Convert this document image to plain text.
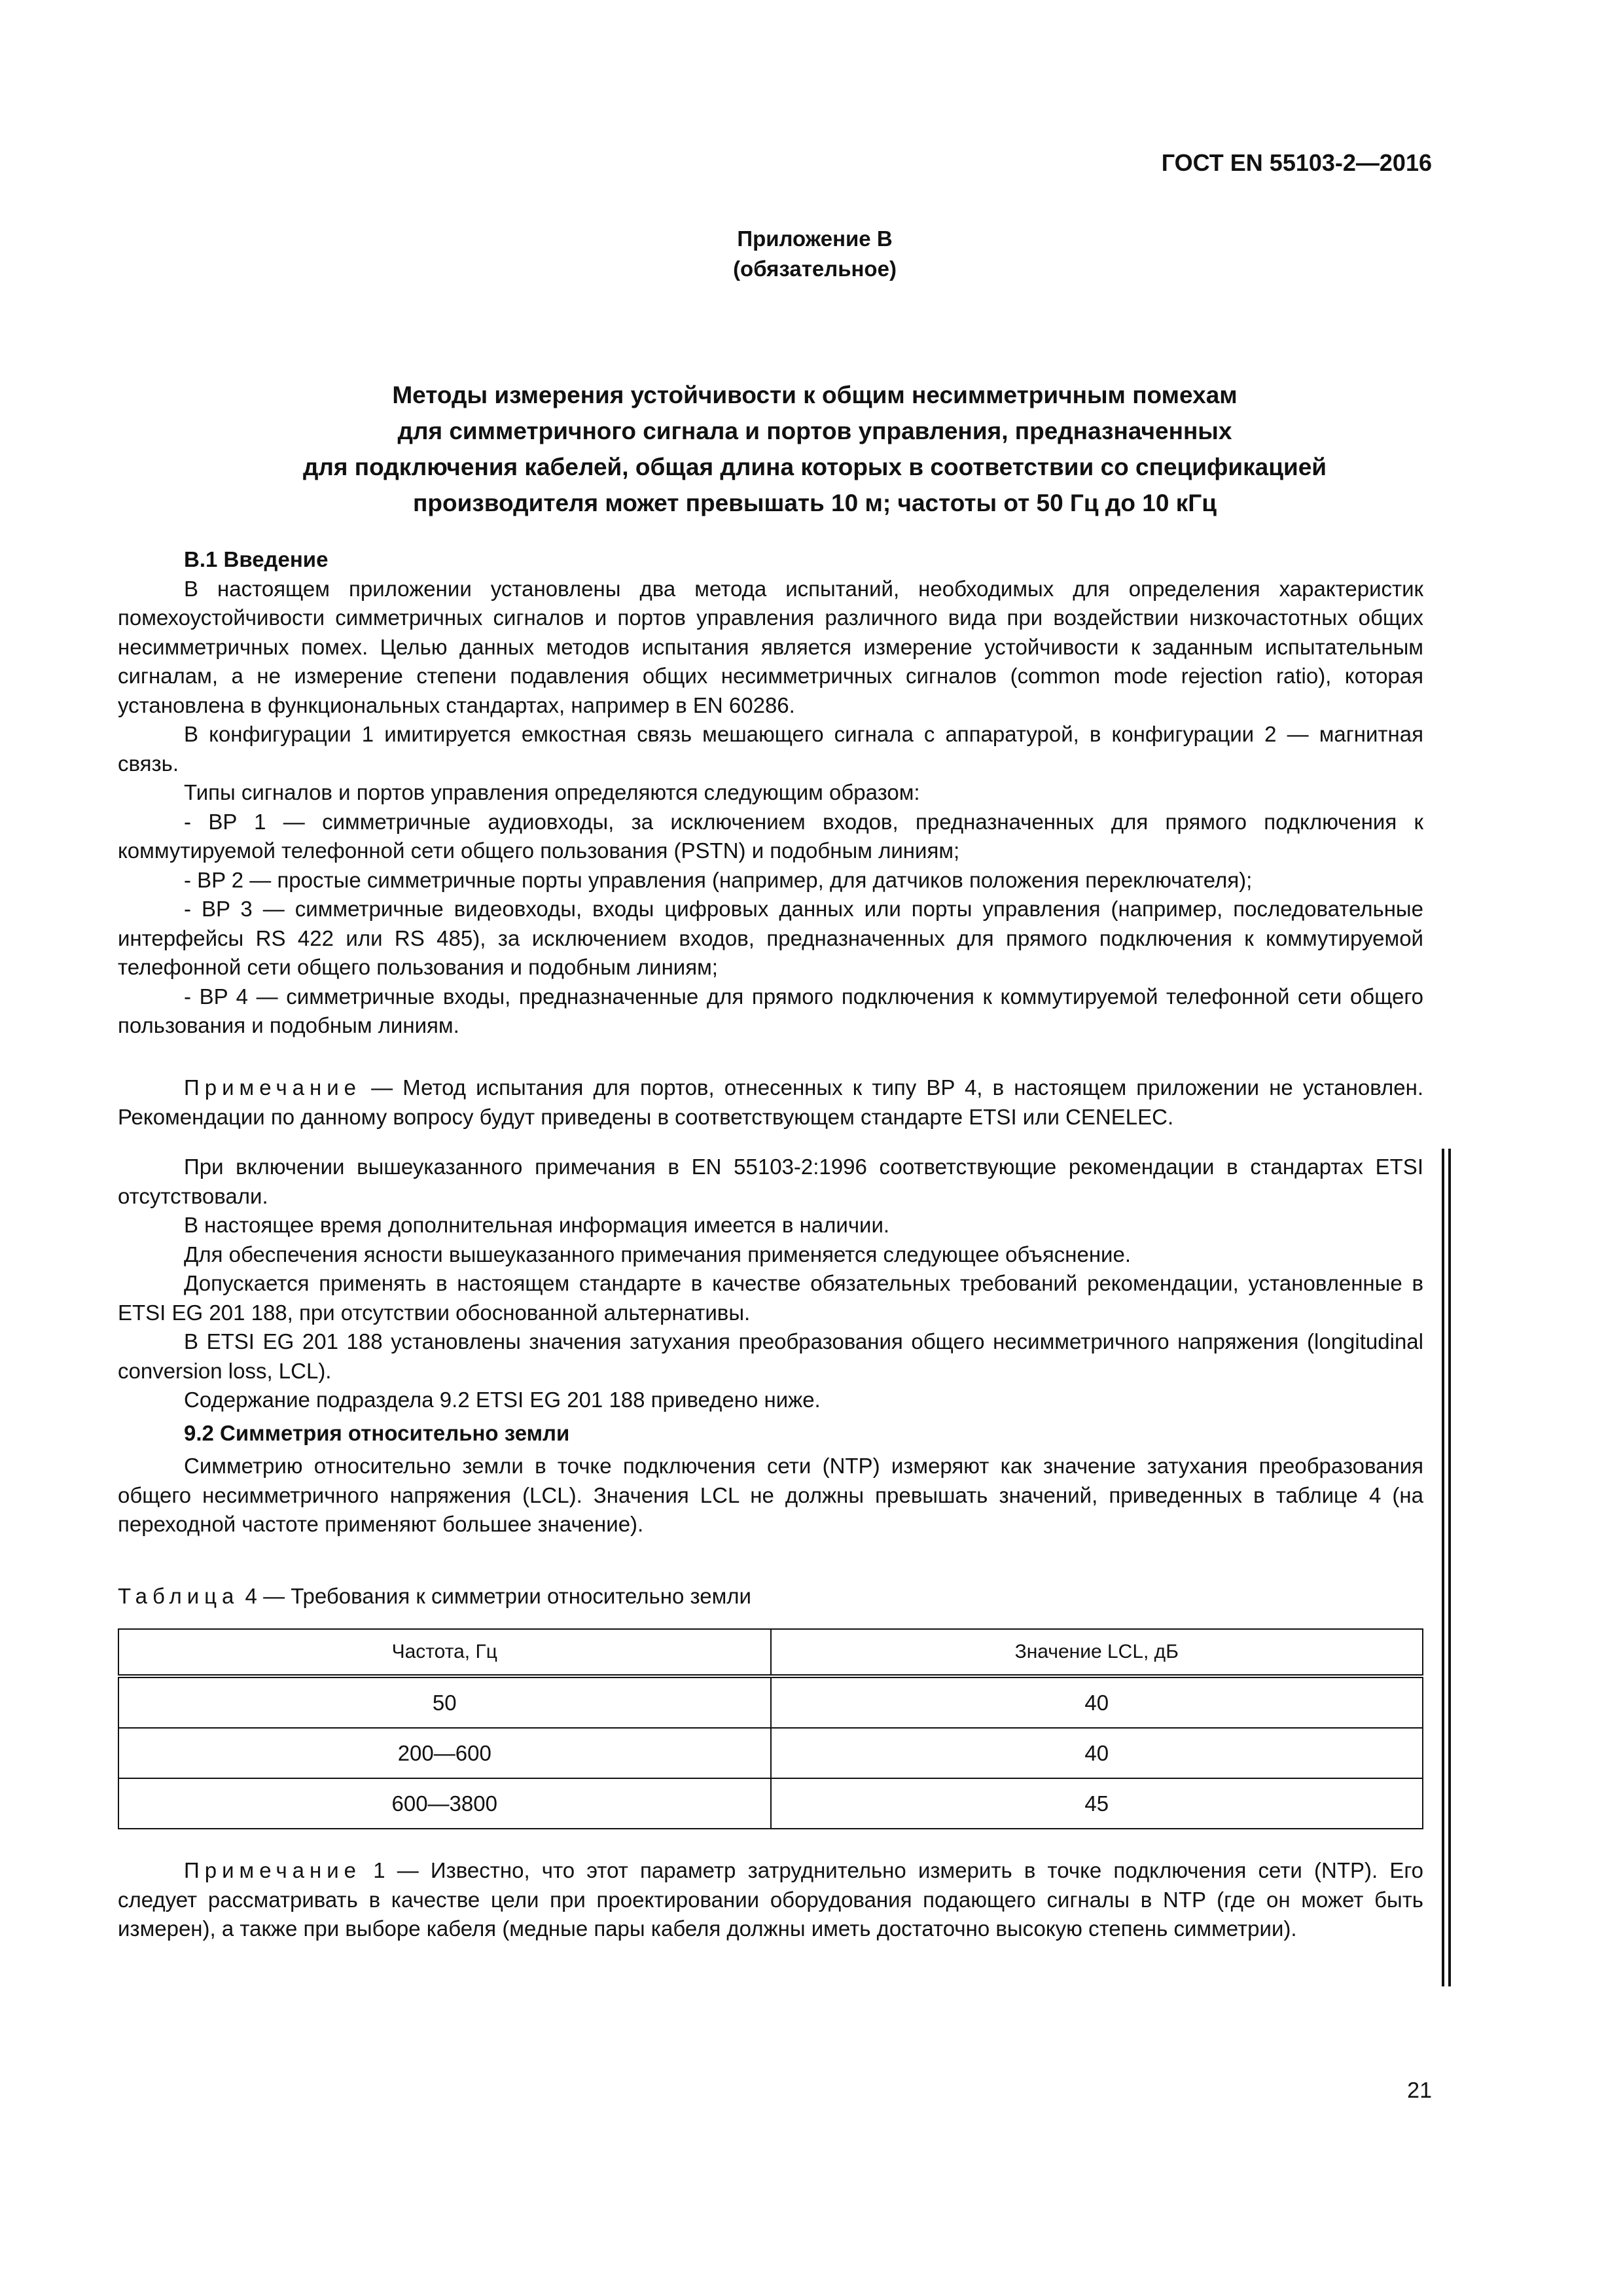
ГОСТ EN 55103-2—2016
Приложение B
(обязательное)
Методы измерения устойчивости к общим несимметричным помехам
для симметричного сигнала и портов управления, предназначенных
для подключения кабелей, общая длина которых в соответствии со спецификацией
производителя может превышать 10 м; частоты от 50 Гц до 10 кГц

В.1 Введение

В настоящем приложении установлены два метода испытаний, необходимых для определения характеристик помехоустойчивости симметричных сигналов и портов управления различного вида при воздействии низкочастотных общих несимметричных помех. Целью данных методов испытания является измерение устойчивости к заданным испытательным сигналам, а не измерение степени подавления общих несимметричных сигналов (common mode rejection ratio), которая установлена в функциональных стандартах, например в EN 60286.

В конфигурации 1 имитируется емкостная связь мешающего сигнала с аппаратурой, в конфигурации 2 — магнитная связь.

Типы сигналов и портов управления определяются следующим образом:

- BP 1 — симметричные аудиовходы, за исключением входов, предназначенных для прямого подключения к коммутируемой телефонной сети общего пользования (PSTN) и подобным линиям;

- BP 2 — простые симметричные порты управления (например, для датчиков положения переключателя);

- BP 3 — симметричные видеовходы, входы цифровых данных или порты управления (например, последовательные интерфейсы RS 422 или RS 485), за исключением входов, предназначенных для прямого подключения к коммутируемой телефонной сети общего пользования и подобным линиям;

- BP 4 — симметричные входы, предназначенные для прямого подключения к коммутируемой телефонной сети общего пользования и подобным линиям.

Примечание — Метод испытания для портов, отнесенных к типу BP 4, в настоящем приложении не установлен. Рекомендации по данному вопросу будут приведены в соответствующем стандарте ETSI или CENELEC.

При включении вышеуказанного примечания в EN 55103-2:1996 соответствующие рекомендации в стандартах ETSI отсутствовали.

В настоящее время дополнительная информация имеется в наличии.

Для обеспечения ясности вышеуказанного примечания применяется следующее объяснение.

Допускается применять в настоящем стандарте в качестве обязательных требований рекомендации, установленные в ETSI EG 201 188, при отсутствии обоснованной альтернативы.

В ETSI EG 201 188 установлены значения затухания преобразования общего несимметричного напряжения (longitudinal conversion loss, LCL).

Содержание подраздела 9.2 ETSI EG 201 188 приведено ниже.

9.2 Симметрия относительно земли

Симметрию относительно земли в точке подключения сети (NTP) измеряют как значение затухания преобразования общего несимметричного напряжения (LCL). Значения LCL не должны превышать значений, приведенных в таблице 4 (на переходной частоте применяют большее значение).

Таблица 4 — Требования к симметрии относительно земли
Частота, Гц	Значение LCL, дБ
50	40
200—600	40
600—3800	45

Примечание 1 — Известно, что этот параметр затруднительно измерить в точке подключения сети (NTP). Его следует рассматривать в качестве цели при проектировании оборудования подающего сигналы в NTP (где он может быть измерен), а также при выборе кабеля (медные пары кабеля должны иметь достаточно высокую степень симметрии).

21
